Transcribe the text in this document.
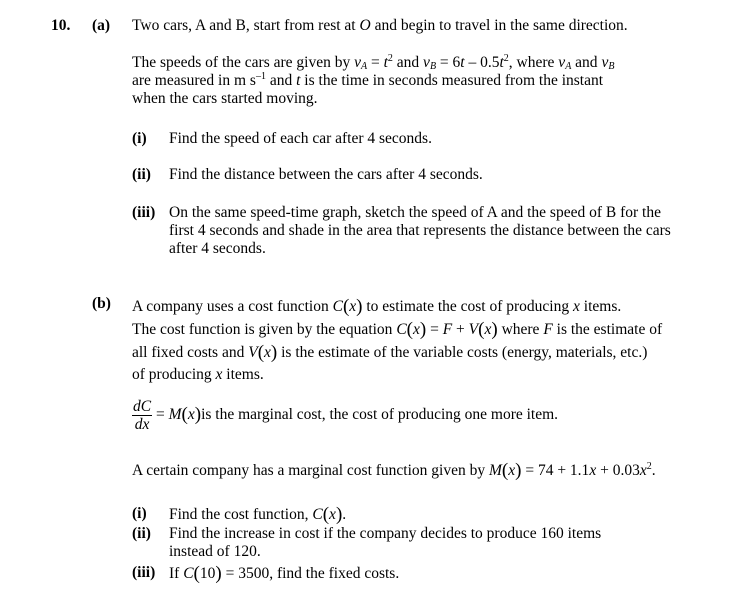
10. (a) Two cars, A and B, start from rest at O and begin to travel in the same direction.
The speeds of the cars are given by $v_A = t^2$ and $v_B = 6t - 0.5t^2$, where $v_A$ and $v_B$
are measured in m $s^{-1}$ and t is the time in seconds measured from the instant
when the cars started moving.
(i) Find the speed of each car after 4 seconds.
(ii) Find the distance between the cars after 4 seconds.
(iii) On the same speed-time graph, sketch the speed of A and the speed of B for the
first 4 seconds and shade in the area that represents the distance between the cars
after 4 seconds.
(b) A company uses a cost function C(x) to estimate the cost of producing x items.
The cost function is given by the equation C(x) = F + V(x) where F is the estimate of
all fixed costs and V(x) is the estimate of the variable costs (energy, materials, etc.)
of producing x items.
$\frac{dC}{dx} = M(x)is$ the marginal cost, the cost of producing one more item.
A certain company has a marginal cost function given by $M(x) = 74 + 1.1x + 0.03x^2$.
(i) Find the cost function, C(x).
(ii) Find the increase in cost if the company decides to produce 160 items
instead of 120.
(iii) If C(10) = 3500, find the fixed costs.
